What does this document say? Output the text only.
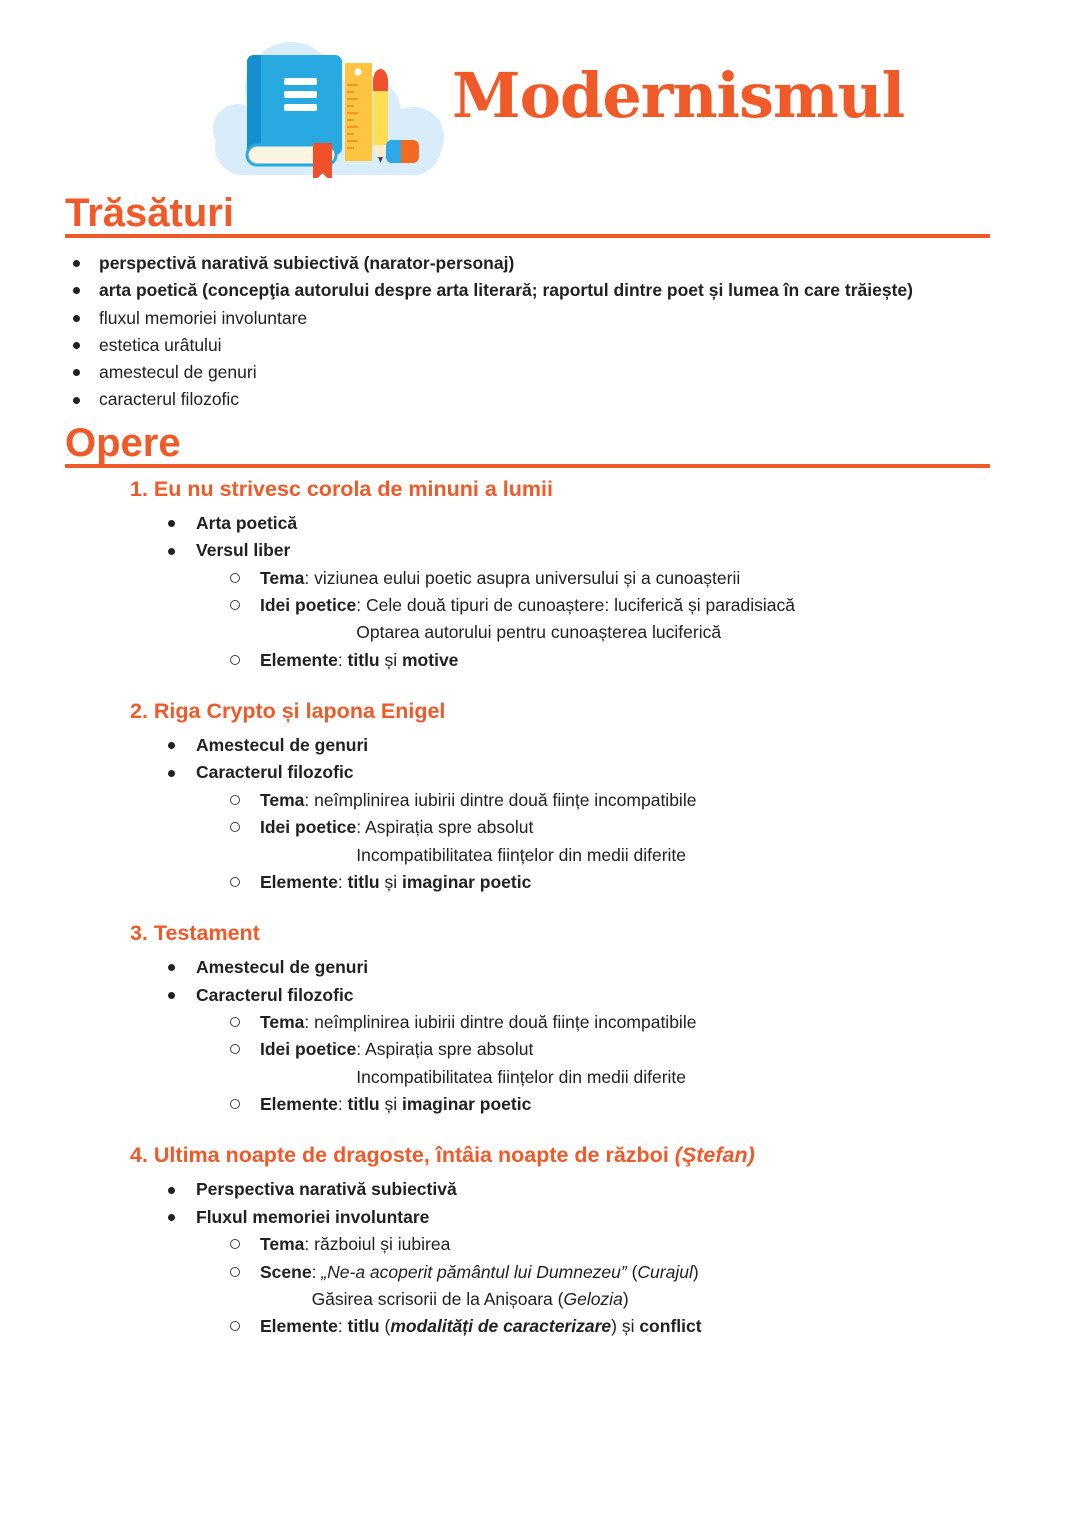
Modernismul
Trăsături
perspectivă narativă subiectivă (narator-personaj)
arta poetică (concepţia autorului despre arta literară; raportul dintre poet și lumea în care trăiește)
fluxul memoriei involuntare
estetica urâtului
amestecul de genuri
caracterul filozofic
Opere
1. Eu nu strivesc corola de minuni a lumii
Arta poetică
Versul liber
Tema : viziunea eului poetic asupra universului și a cunoașterii
Idei poetice : Cele două tipuri de cunoaștere: luciferică și paradisiacă
Optarea autorului pentru cunoașterea luciferică
Elemente : titlu și motive
2. Riga Crypto și lapona Enigel
Amestecul de genuri
Caracterul filozofic
Tema : neîmplinirea iubirii dintre două ființe incompatibile
Idei poetice : Aspirația spre absolut
Incompatibilitatea ființelor din medii diferite
Elemente : titlu și imaginar poetic
3. Testament
Amestecul de genuri
Caracterul filozofic
Tema : neîmplinirea iubirii dintre două ființe incompatibile
Idei poetice : Aspirația spre absolut
Incompatibilitatea ființelor din medii diferite
Elemente : titlu și imaginar poetic
4. Ultima noapte de dragoste, întâia noapte de război (Ştefan)
Perspectiva narativă subiectivă
Fluxul memoriei involuntare
Tema : războiul și iubirea
Scene : „Ne-a acoperit pământul lui Dumnezeu” (Curajul)
Găsirea scrisorii de la Anișoara (Gelozia)
Elemente : titlu (modalități de caracterizare) și conflict
